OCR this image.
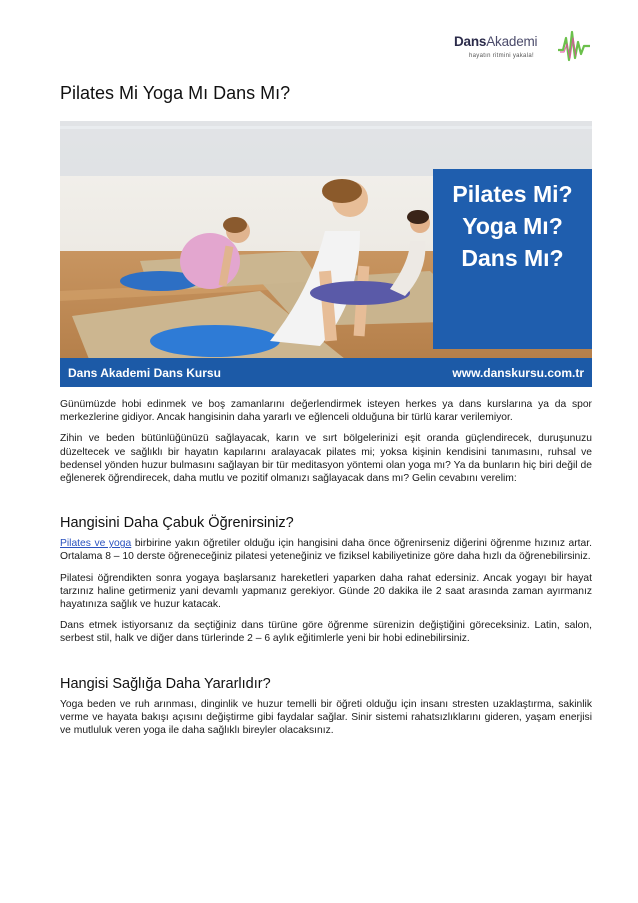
DansAkademi
hayatın ritmini yakala!
Pilates Mi Yoga Mı Dans Mı?
Pilates Mi?
Yoga Mı?
Dans Mı?
Dans Akademi Dans Kursu	www.danskursu.com.tr

Günümüzde hobi edinmek ve boş zamanlarını değerlendirmek isteyen herkes ya dans kurslarına ya da spor merkezlerine gidiyor. Ancak hangisinin daha yararlı ve eğlenceli olduğuna bir türlü karar verilemiyor.

Zihin ve beden bütünlüğünüzü sağlayacak, karın ve sırt bölgelerinizi eşit oranda güçlendirecek, duruşunuzu düzeltecek ve sağlıklı bir hayatın kapılarını aralayacak pilates mi; yoksa kişinin kendisini tanımasını, ruhsal ve bedensel yönden huzur bulmasını sağlayan bir tür meditasyon yöntemi olan yoga mı? Ya da bunların hiç biri değil de eğlenerek öğrendirecek, daha mutlu ve pozitif olmanızı sağlayacak dans mı? Gelin cevabını verelim:

Hangisini Daha Çabuk Öğrenirsiniz?

Pilates ve yoga birbirine yakın öğretiler olduğu için hangisini daha önce öğrenirseniz diğerini öğrenme hızınız artar. Ortalama 8 – 10 derste öğreneceğiniz pilatesi yeteneğiniz ve fiziksel kabiliyetinize göre daha hızlı da öğrenebilirsiniz.

Pilatesi öğrendikten sonra yogaya başlarsanız hareketleri yaparken daha rahat edersiniz. Ancak yogayı bir hayat tarzınız haline getirmeniz yani devamlı yapmanız gerekiyor. Günde 20 dakika ile 2 saat arasında zaman ayırmanız hayatınıza sağlık ve huzur katacak.

Dans etmek istiyorsanız da seçtiğiniz dans türüne göre öğrenme sürenizin değiştiğini göreceksiniz. Latin, salon, serbest stil, halk ve diğer dans türlerinde 2 – 6 aylık eğitimlerle yeni bir hobi edinebilirsiniz.

Hangisi Sağlığa Daha Yararlıdır?

Yoga beden ve ruh arınması, dinginlik ve huzur temelli bir öğreti olduğu için insanı stresten uzaklaştırma, sakinlik verme ve hayata bakışı açısını değiştirme gibi faydalar sağlar. Sinir sistemi rahatsızlıklarını gideren, yaşam enerjisi ve mutluluk veren yoga ile daha sağlıklı bireyler olacaksınız.
